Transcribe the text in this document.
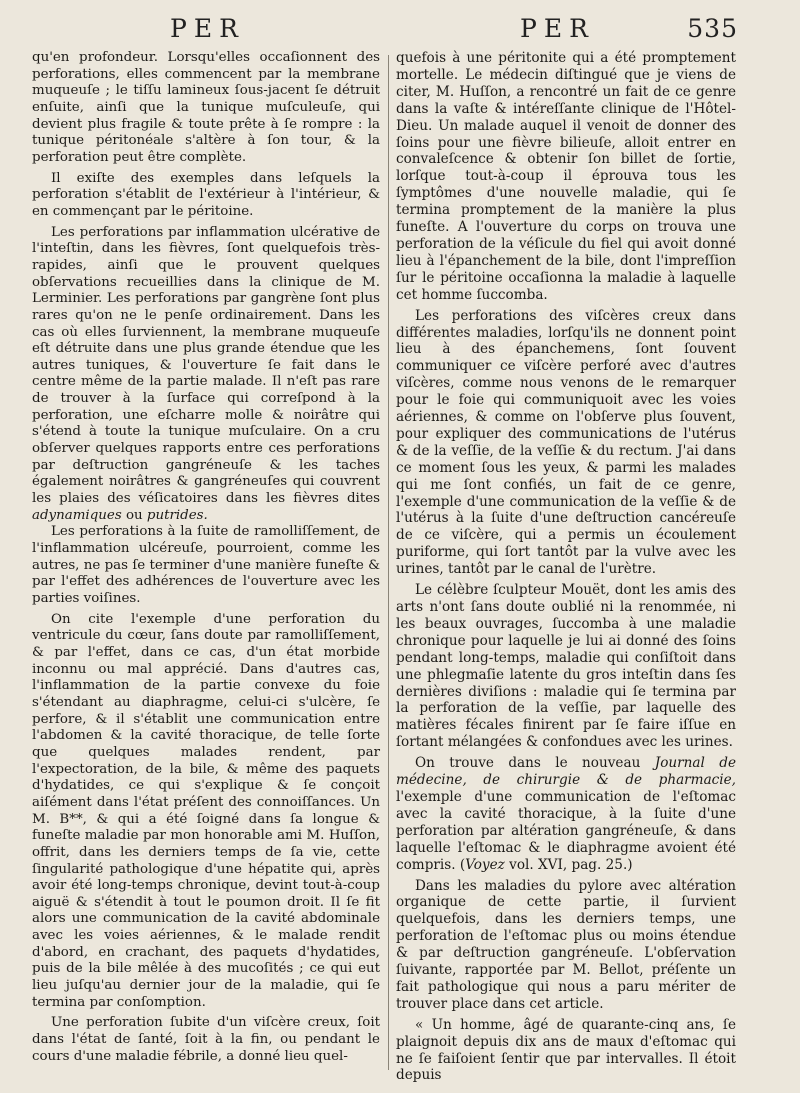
PER	PER	535

qu'en profondeur. Lorsqu'elles occaſionnent des perforations, elles commencent par la membrane muqueuſe ; le tiſſu lamineux ſous-jacent ſe détruit enſuite, ainſi que la tunique muſculeuſe, qui devient plus fragile & toute prête à ſe rompre : la tunique péritonéale s'altère à ſon tour, & la perforation peut être complète.

Il exiſte des exemples dans leſquels la perforation s'établit de l'extérieur à l'intérieur, & en commençant par le péritoine.

Les perforations par inflammation ulcérative de l'inteſtin, dans les fièvres, ſont quelquefois très-rapides, ainſi que le prouvent quelques obſervations recueillies dans la clinique de M. Lerminier. Les perforations par gangrène ſont plus rares qu'on ne le penſe ordinairement. Dans les cas où elles ſurviennent, la membrane muqueuſe eſt détruite dans une plus grande étendue que les autres tuniques, & l'ouverture ſe fait dans le centre même de la partie malade. Il n'eſt pas rare de trouver à la ſurface qui correſpond à la perforation, une eſcharre molle & noirâtre qui s'étend à toute la tunique muſculaire. On a cru obſerver quelques rapports entre ces perforations par deſtruction gangréneuſe & les taches également noirâtres & gangréneuſes qui couvrent les plaies des véſicatoires dans les fièvres dites adynamiques ou putrides.

Les perforations à la ſuite de ramolliſſement, de l'inflammation ulcéreuſe, pourroient, comme les autres, ne pas ſe terminer d'une manière funeſte & par l'effet des adhérences de l'ouverture avec les parties voiſines.

On cite l'exemple d'une perforation du ventricule du cœur, ſans doute par ramolliſſement, & par l'effet, dans ce cas, d'un état morbide inconnu ou mal apprécié. Dans d'autres cas, l'inflammation de la partie convexe du foie s'étendant au diaphragme, celui-ci s'ulcère, ſe perfore, & il s'établit une communication entre l'abdomen & la cavité thoracique, de telle ſorte que quelques malades rendent, par l'expectoration, de la bile, & même des paquets d'hydatides, ce qui s'explique & ſe conçoit aiſément dans l'état préſent des connoiſſances. Un M. B**, & qui a été ſoigné dans ſa longue & funeſte maladie par mon honorable ami M. Huſſon, offrit, dans les derniers temps de ſa vie, cette ſingularité pathologique d'une hépatite qui, après avoir été long-temps chronique, devint tout-à-coup aiguë & s'étendit à tout le poumon droit. Il ſe fit alors une communication de la cavité abdominale avec les voies aériennes, & le malade rendit d'abord, en crachant, des paquets d'hydatides, puis de la bile mêlée à des mucoſités ; ce qui eut lieu juſqu'au dernier jour de la maladie, qui ſe termina par conſomption.

Une perforation ſubite d'un viſcère creux, ſoit dans l'état de ſanté, ſoit à la fin, ou pendant le cours d'une maladie fébrile, a donné lieu quel-

quefois à une péritonite qui a été promptement mortelle. Le médecin diſtingué que je viens de citer, M. Huſſon, a rencontré un fait de ce genre dans la vaſte & intéreſſante clinique de l'Hôtel-Dieu. Un malade auquel il venoit de donner des ſoins pour une fièvre bilieuſe, alloit entrer en convaleſcence & obtenir ſon billet de ſortie, lorſque tout-à-coup il éprouva tous les ſymptômes d'une nouvelle maladie, qui ſe termina promptement de la manière la plus funeſte. A l'ouverture du corps on trouva une perforation de la véſicule du fiel qui avoit donné lieu à l'épanchement de la bile, dont l'impreſſion ſur le péritoine occaſionna la maladie à laquelle cet homme ſuccomba.

Les perforations des viſcères creux dans différentes maladies, lorſqu'ils ne donnent point lieu à des épanchemens, ſont ſouvent communiquer ce viſcère perforé avec d'autres viſcères, comme nous venons de le remarquer pour le foie qui communiquoit avec les voies aériennes, & comme on l'obſerve plus ſouvent, pour expliquer des communications de l'utérus & de la veſſie, de la veſſie & du rectum. J'ai dans ce moment ſous les yeux, & parmi les malades qui me ſont confiés, un fait de ce genre, l'exemple d'une communication de la veſſie & de l'utérus à la ſuite d'une deſtruction cancéreuſe de ce viſcère, qui a permis un écoulement puriforme, qui ſort tantôt par la vulve avec les urines, tantôt par le canal de l'urètre.

Le célèbre ſculpteur Mouët, dont les amis des arts n'ont ſans doute oublié ni la renommée, ni les beaux ouvrages, ſuccomba à une maladie chronique pour laquelle je lui ai donné des ſoins pendant long-temps, maladie qui conſiſtoit dans une phlegmaſie latente du gros inteſtin dans ſes dernières diviſions : maladie qui ſe termina par la perforation de la veſſie, par laquelle des matières fécales finirent par ſe faire iſſue en ſortant mélangées & confondues avec les urines.

On trouve dans le nouveau Journal de médecine, de chirurgie & de pharmacie, l'exemple d'une communication de l'eſtomac avec la cavité thoracique, à la ſuite d'une perforation par altération gangréneuſe, & dans laquelle l'eſtomac & le diaphragme avoient été compris. (Voyez vol. XVI, pag. 25.)

Dans les maladies du pylore avec altération organique de cette partie, il ſurvient quelquefois, dans les derniers temps, une perforation de l'eſtomac plus ou moins étendue & par deſtruction gangréneuſe. L'obſervation ſuivante, rapportée par M. Bellot, préſente un fait pathologique qui nous a paru mériter de trouver place dans cet article.

« Un homme, âgé de quarante-cinq ans, ſe plaignoit depuis dix ans de maux d'eſtomac qui ne ſe faiſoient ſentir que par intervalles. Il étoit depuis
